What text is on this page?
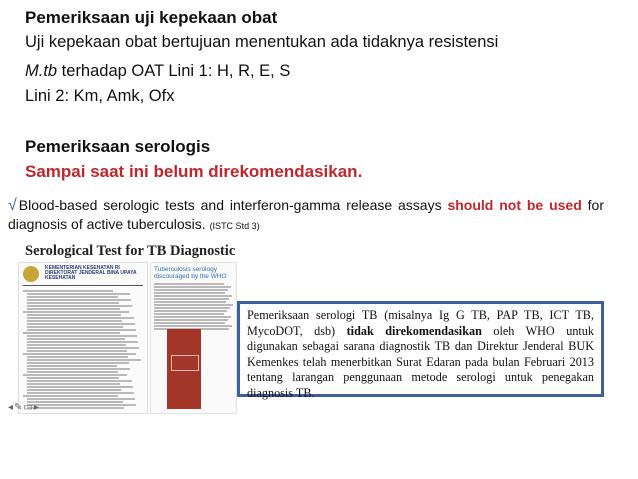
Pemeriksaan uji kepekaan obat
Uji kepekaan obat bertujuan menentukan ada tidaknya resistensi
M.tb terhadap OAT Lini 1: H, R, E, S
Lini 2: Km, Amk, Ofx
Pemeriksaan serologis
Sampai saat ini belum direkomendasikan.
√ Blood-based serologic tests and interferon-gamma release assays should not be used for diagnosis of active tuberculosis. (ISTC Std 3)
Serological Test for TB Diagnostic
KEMENTERIAN KESEHATAN RI DIREKTORAT JENDERAL BINA UPAYA KESEHATAN
Tuberculosis serology discouraged by the WHO
Pemeriksaan serologi TB (misalnya Ig G TB, PAP TB, ICT TB, MycoDOT, dsb) tidak direkomendasikan oleh WHO untuk digunakan sebagai sarana diagnostik TB dan Direktur Jenderal BUK Kemenkes telah menerbitkan Surat Edaran pada bulan Februari 2013 tentang larangan penggunaan metode serologi untuk penegakan diagnosis TB.
◂✎▭▸
